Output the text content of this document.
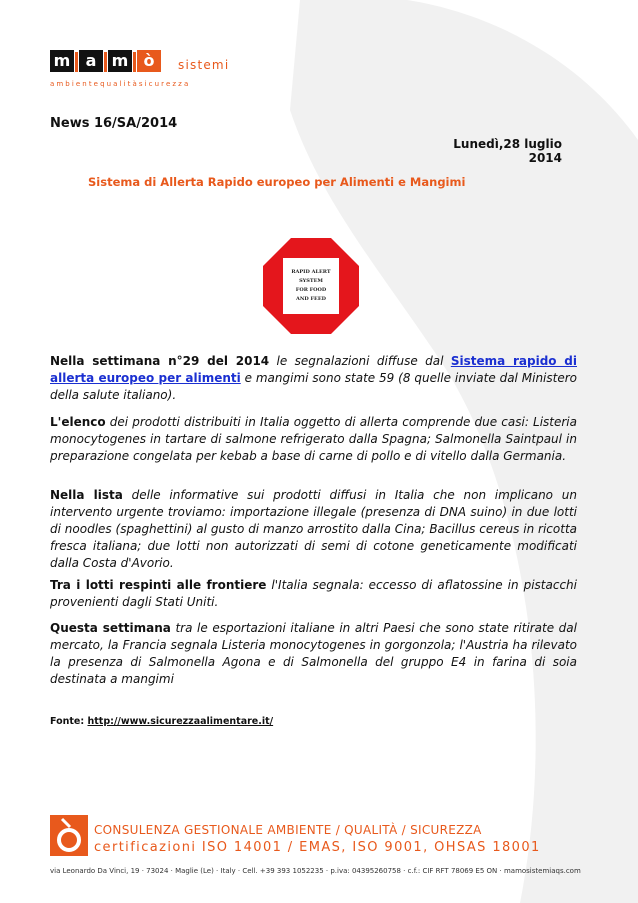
m a m ò	sistemi
ambientequalitàsicurezza
News 16/SA/2014
Lunedì,28 luglio 2014
Sistema di Allerta Rapido europeo per Alimenti e Mangimi
RAPID ALERT
SYSTEM
FOR FOOD
AND FEED
Nella settimana n°29 del 2014 le segnalazioni diffuse dal Sistema rapido di allerta europeo per alimenti e mangimi sono state 59 (8 quelle inviate dal Ministero della salute italiano).
L'elenco dei prodotti distribuiti in Italia oggetto di allerta comprende due casi: Listeria monocytogenes in tartare di salmone refrigerato dalla Spagna; Salmonella Saintpaul in preparazione congelata per kebab a base di carne di pollo e di vitello dalla Germania.
Nella lista delle informative sui prodotti diffusi in Italia che non implicano un intervento urgente troviamo: importazione illegale (presenza di DNA suino) in due lotti di noodles (spaghettini) al gusto di manzo arrostito dalla Cina; Bacillus cereus in ricotta fresca italiana; due lotti non autorizzati di semi di cotone geneticamente modificati dalla Costa d'Avorio.
Tra i lotti respinti alle frontiere l'Italia segnala: eccesso di aflatossine in pistacchi provenienti dagli Stati Uniti.
Questa settimana tra le esportazioni italiane in altri Paesi che sono state ritirate dal mercato, la Francia segnala Listeria monocytogenes in gorgonzola; l'Austria ha rilevato la presenza di Salmonella Agona e di Salmonella del gruppo E4 in farina di soia destinata a mangimi
Fonte: http://www.sicurezzaalimentare.it/
CONSULENZA GESTIONALE AMBIENTE / QUALITÀ / SICUREZZA
certificazioni ISO 14001 / EMAS, ISO 9001, OHSAS 18001
via Leonardo Da Vinci, 19 · 73024 · Maglie (Le) · Italy · Cell. +39 393 1052235 · p.iva: 04395260758 · c.f.: CIF RFT 78069 E5 ON · mamosistemiaqs.com
